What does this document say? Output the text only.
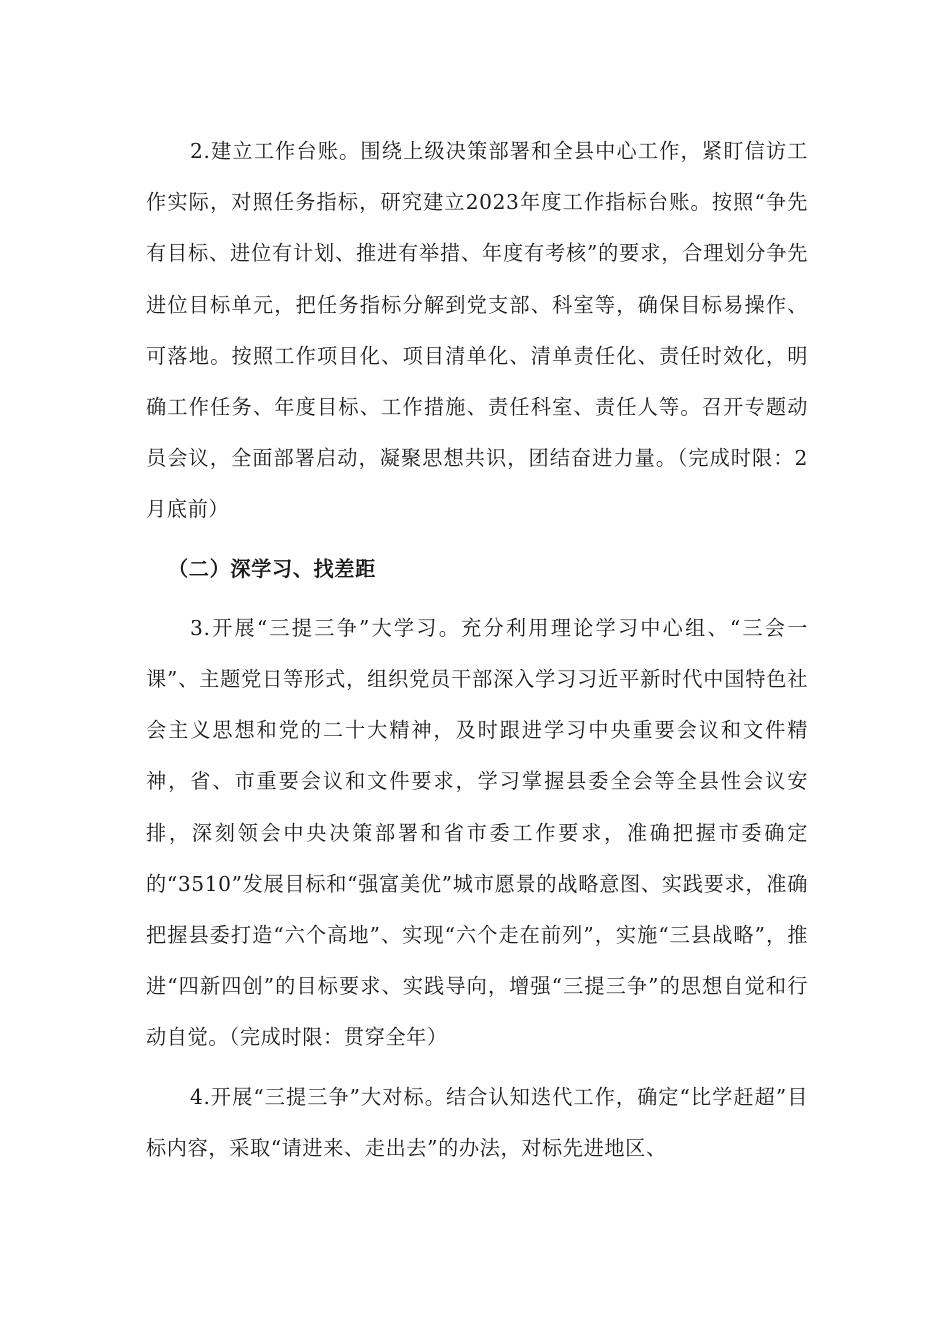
2.建立工作台账。围绕上级决策部署和全县中心工作，紧盯信访工作实际，对照任务指标，研究建立2023年度工作指标台账。按照“争先有目标、进位有计划、推进有举措、年度有考核”的要求，合理划分争先进位目标单元，把任务指标分解到党支部、科室等，确保目标易操作、可落地。按照工作项目化、项目清单化、清单责任化、责任时效化，明确工作任务、年度目标、工作措施、责任科室、责任人等。召开专题动员会议，全面部署启动，凝聚思想共识，团结奋进力量。（完成时限：2月底前）

（二）深学习、找差距

3.开展“三提三争”大学习。充分利用理论学习中心组、“三会一课”、主题党日等形式，组织党员干部深入学习习近平新时代中国特色社会主义思想和党的二十大精神，及时跟进学习中央重要会议和文件精神，省、市重要会议和文件要求，学习掌握县委全会等全县性会议安排，深刻领会中央决策部署和省市委工作要求，准确把握市委确定的“3510”发展目标和“强富美优”城市愿景的战略意图、实践要求，准确把握县委打造“六个高地”、实现“六个走在前列”，实施“三县战略”，推进“四新四创”的目标要求、实践导向，增强“三提三争”的思想自觉和行动自觉。（完成时限：贯穿全年）

4.开展“三提三争”大对标。结合认知迭代工作，确定“比学赶超”目标内容，采取“请进来、走出去”的办法，对标先进地区、
